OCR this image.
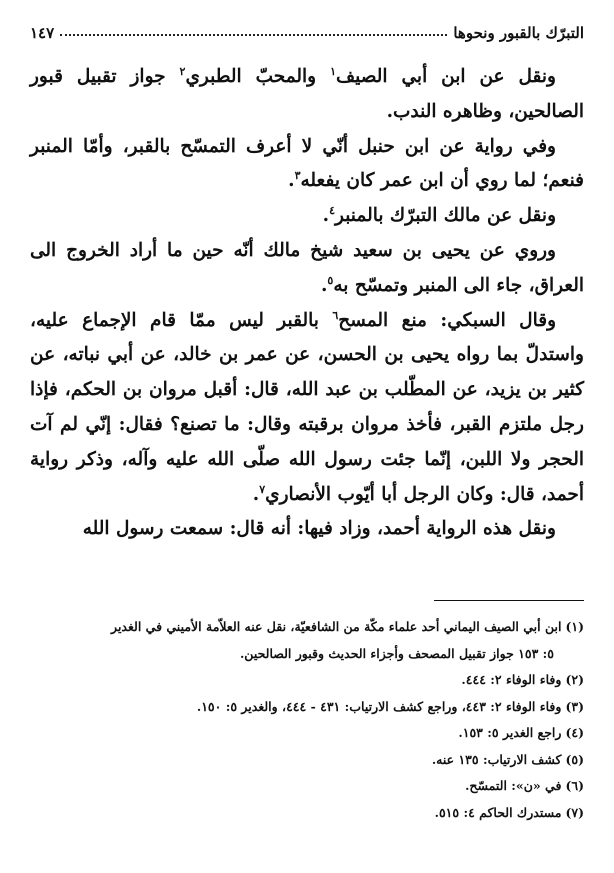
التبرّك بالقبور ونحوها
١٤٧

ونقل عن ابن أبي الصيف$^١$ والمحبّ الطبري$^٢$ جواز تقبيل قبور الصالحين، وظاهره الندب.

وفي رواية عن ابن حنبل أنّي لا أعرف التمسّح بالقبر، وأمّا المنبر فنعم؛ لما روي أن ابن عمر كان يفعله$^٣$.

ونقل عن مالك التبرّك بالمنبر$^٤$.

وروي عن يحيى بن سعيد شيخ مالك أنّه حين ما أراد الخروج الى العراق، جاء الى المنبر وتمسّح به$^٥$.

وقال السبكي: منع المسح$^٦$ بالقبر ليس ممّا قام الإجماع عليه، واستدلّ بما رواه يحيى بن الحسن، عن عمر بن خالد، عن أبي نباته، عن كثير بن يزيد، عن المطّلب بن عبد الله، قال: أقبل مروان بن الحكم، فإذا رجل ملتزم القبر، فأخذ مروان برقبته وقال: ما تصنع؟ فقال: إنّي لم آت الحجر ولا اللبن، إنّما جئت رسول الله صلّى الله عليه وآله، وذكر رواية أحمد، قال: وكان الرجل أبا أيّوب الأنصاري$^٧$.

ونقل هذه الرواية أحمد، وزاد فيها: أنه قال: سمعت رسول الله

(١)ابن أبي الصيف اليماني أحد علماء مكّة من الشافعيّة، نقل عنه العلاّمة الأميني في الغدير
٥: ١٥٣ جواز تقبيل المصحف وأجزاء الحديث وقبور الصالحين.
(٢)وفاء الوفاء ٢: ٤٤٤.
(٣)وفاء الوفاء ٢: ٤٤٣، وراجع كشف الارتياب: ٤٣١ - ٤٤٤، والغدير ٥: ١٥٠.
(٤)راجع الغدير ٥: ١٥٣.
(٥)كشف الارتياب: ١٣٥ عنه.
(٦)في «ن»: التمسّح.
(٧)مستدرك الحاكم ٤: ٥١٥.
